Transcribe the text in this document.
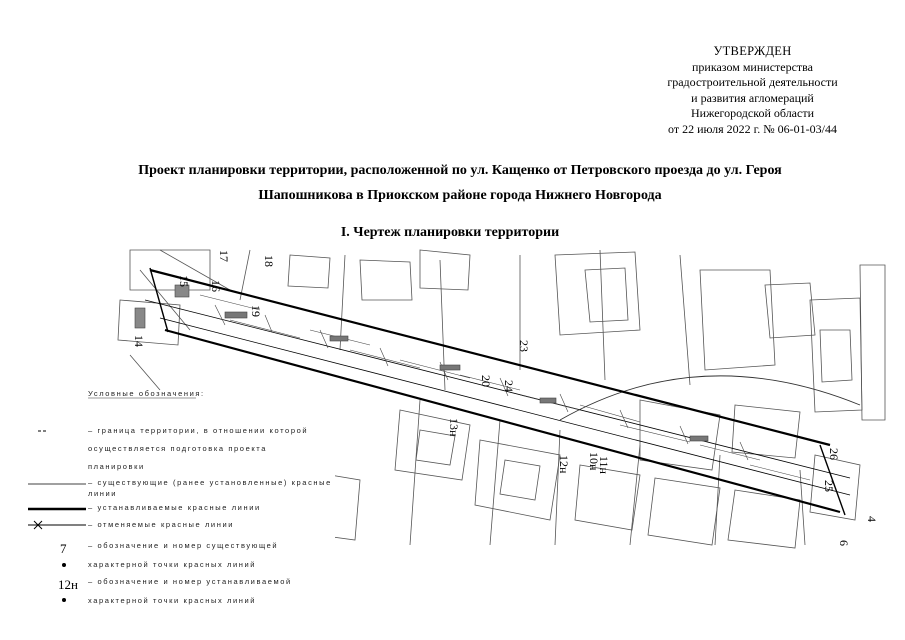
УТВЕРЖДЕН
приказом министерства
градостроительной деятельности
и развития агломераций
Нижегородской области
от 22 июля 2022 г. № 06-01-03/44
Проект планировки территории, расположенной по ул. Кащенко от Петровского проезда до ул. Героя
Шапошникова в Приокском районе города Нижнего Новгорода
I. Чертеж планировки территории
17	18
15 16
19
14	23
20 24
13н
12н 10н
11н
26
25
4
6
Условные обозначения:
– граница территории, в отношении которой
осуществляется подготовка проекта
планировки
– существующие (ранее установленные) красные
линии
– устанавливаемые красные линии
– отменяемые красные линии
7	– обозначение и номер существующей
характерной точки красных линий
12н – обозначение и номер устанавливаемой
характерной точки красных линий
